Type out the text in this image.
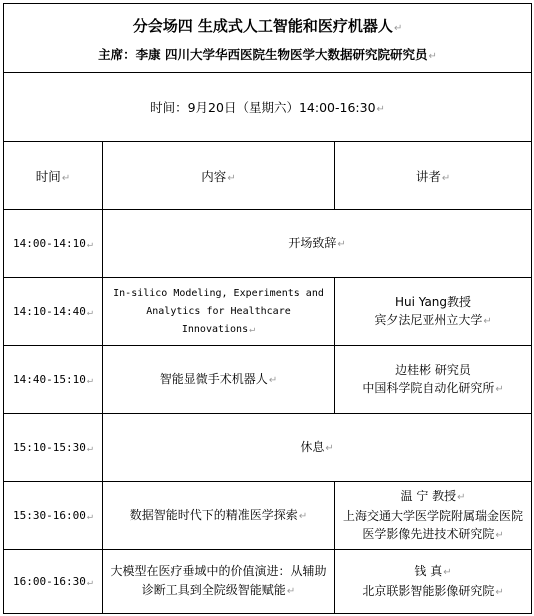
分会场四 生成式人工智能和医疗机器人↵
主席：李康 四川大学华西医院生物医学大数据研究院研究员↵		

时间：9月20日（星期六）14:00-16:30↵		
时间↵	内容↵	讲者↵
14:00-14:10↵	开场致辞↵	
14:10-14:40↵	In-silico Modeling, Experiments and
Analytics for Healthcare Innovations↵	Hui Yang教授
宾夕法尼亚州立大学↵

14:40-15:10↵	智能显微手术机器人↵	边桂彬 研究员
中国科学院自动化研究所↵

15:10-15:30↵	休息↵	
15:30-16:00↵	数据智能时代下的精准医学探索↵	温 宁 教授↵
上海交通大学医学院附属瑞金医院
医学影像先进技术研究院↵

16:00-16:30↵	大模型在医疗垂域中的价值演进：从辅助
诊断工具到全院级智能赋能↵	钱 真↵
北京联影智能影像研究院↵
